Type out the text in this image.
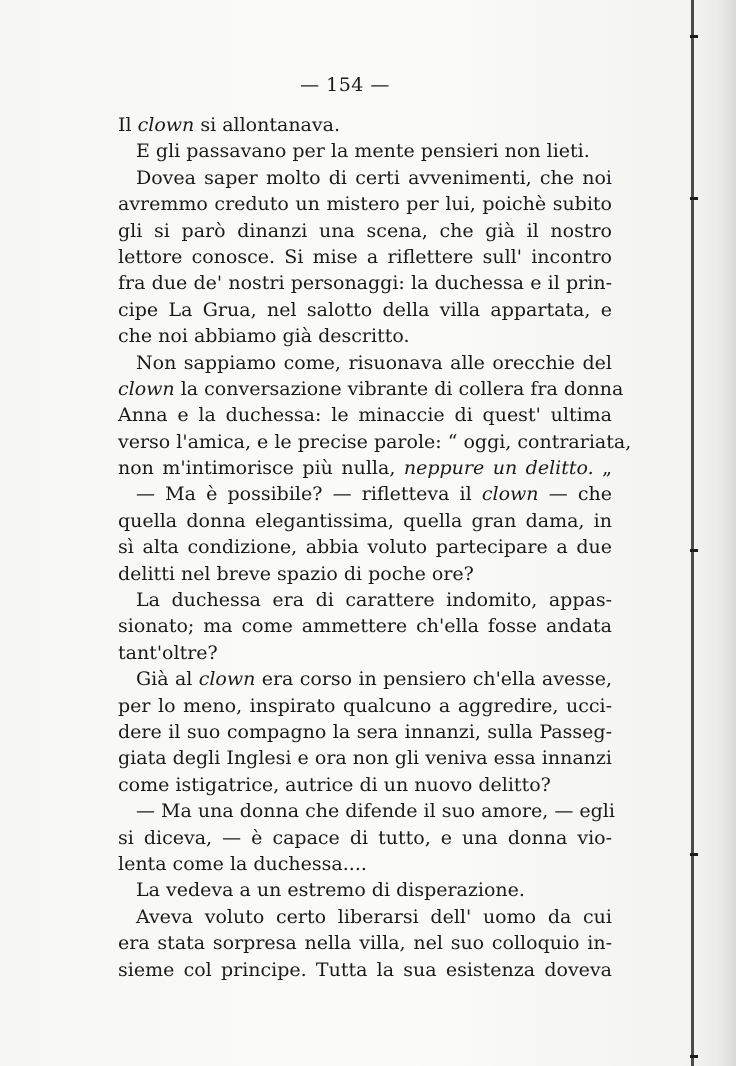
— 154 —
Il clown si allontanava.
E gli passavano per la mente pensieri non lieti.
Dovea saper molto di certi avvenimenti, che noi
avremmo creduto un mistero per lui, poichè subito
gli si parò dinanzi una scena, che già il nostro
lettore conosce. Si mise a riflettere sull' incontro
fra due de' nostri personaggi: la duchessa e il prin-
cipe La Grua, nel salotto della villa appartata, e
che noi abbiamo già descritto.
Non sappiamo come, risuonava alle orecchie del
clown la conversazione vibrante di collera fra donna
Anna e la duchessa: le minaccie di quest' ultima
verso l'amica, e le precise parole: “ oggi, contrariata,
non m'intimorisce più nulla, neppure un delitto. „
— Ma è possibile? — rifletteva il clown — che
quella donna elegantissima, quella gran dama, in
sì alta condizione, abbia voluto partecipare a due
delitti nel breve spazio di poche ore?
La duchessa era di carattere indomito, appas-
sionato; ma come ammettere ch'ella fosse andata
tant'oltre?
Già al clown era corso in pensiero ch'ella avesse,
per lo meno, inspirato qualcuno a aggredire, ucci-
dere il suo compagno la sera innanzi, sulla Passeg-
giata degli Inglesi e ora non gli veniva essa innanzi
come istigatrice, autrice di un nuovo delitto?
— Ma una donna che difende il suo amore, — egli
si diceva, — è capace di tutto, e una donna vio-
lenta come la duchessa....
La vedeva a un estremo di disperazione.
Aveva voluto certo liberarsi dell' uomo da cui
era stata sorpresa nella villa, nel suo colloquio in-
sieme col principe. Tutta la sua esistenza doveva
